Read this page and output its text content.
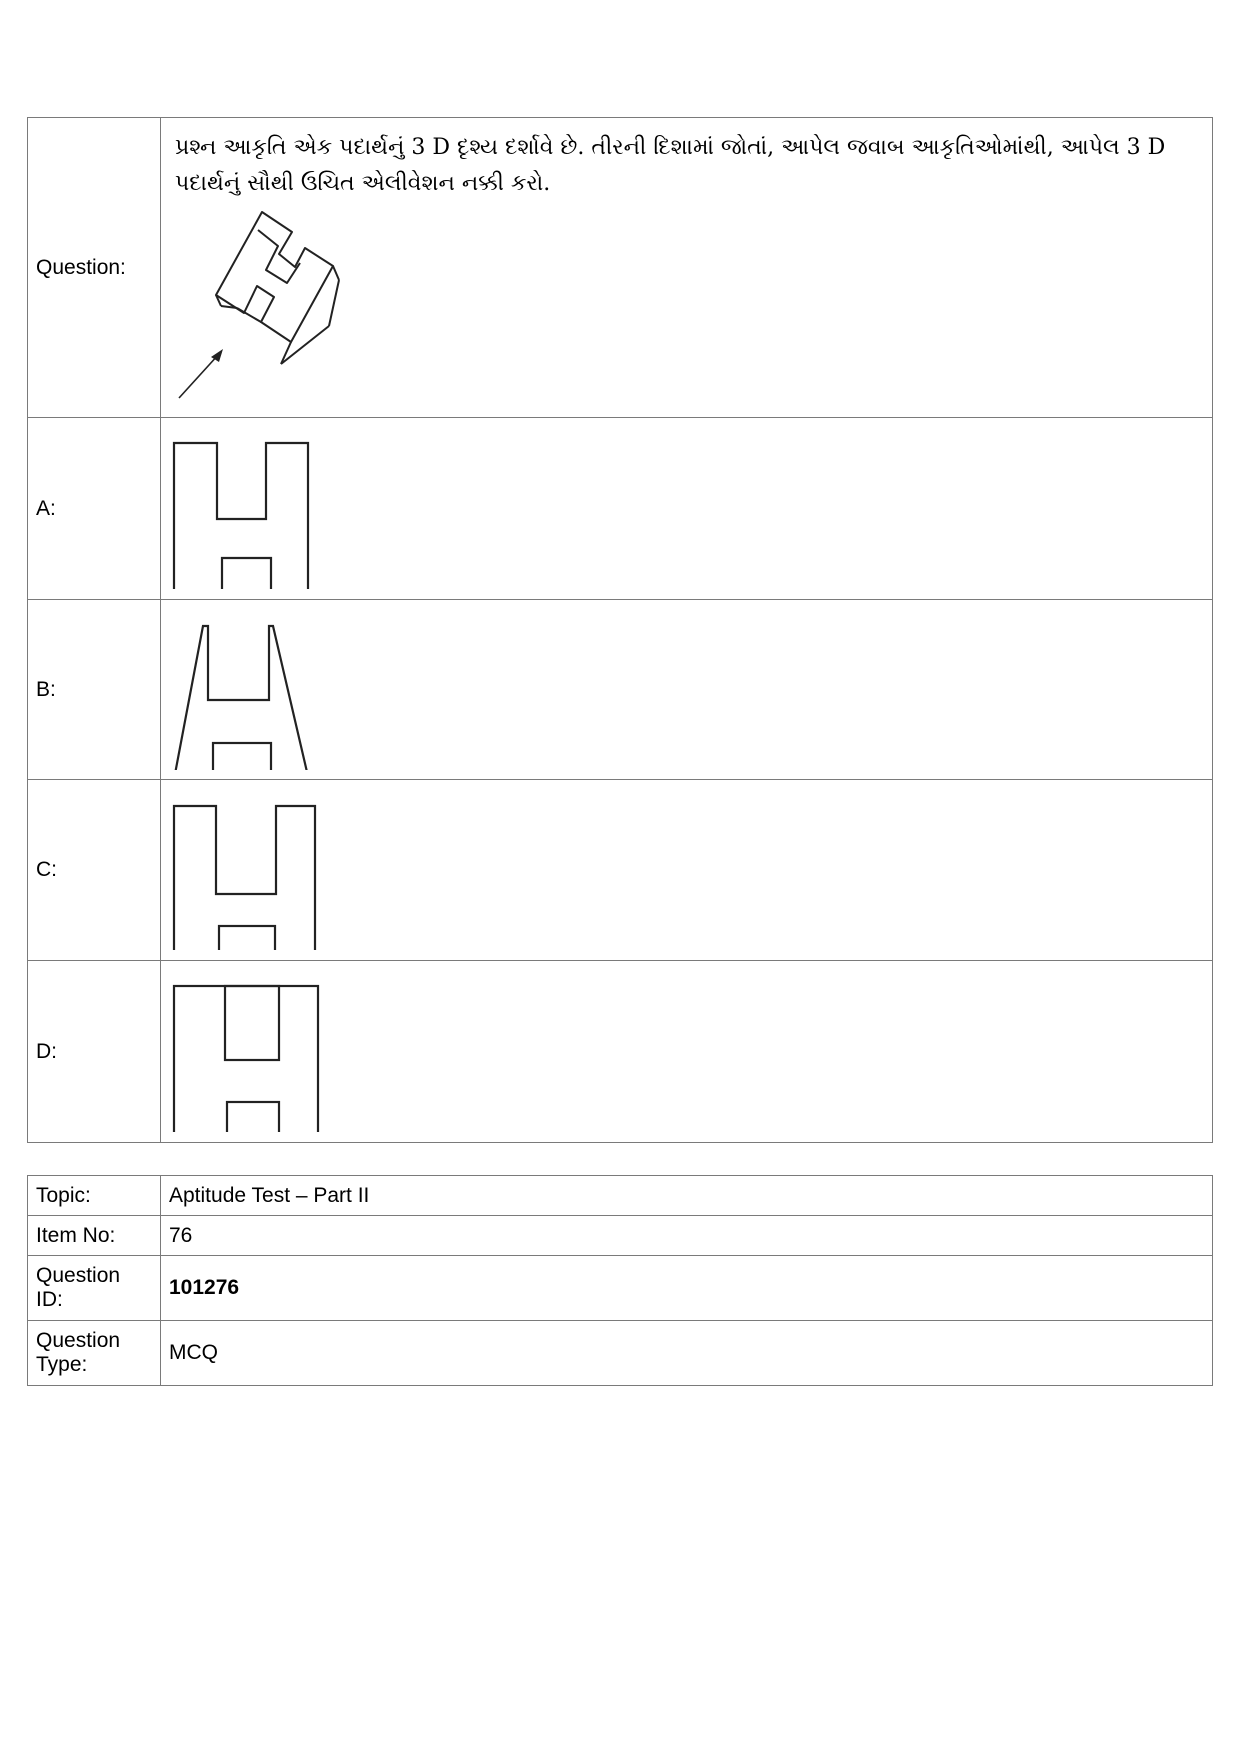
Question:	પ્રશ્ન આકૃતિ એક પદાર્થનું 3 D દૃશ્ય દર્શાવે છે. તીરની દિશામાં જોતાં, આપેલ જવાબ આકૃતિઓમાંથી, આપેલ 3 D પદાર્થનું સૌથી ઉચિત એલીવેશન નક્કી કરો.

A:	

B:	

C:	

D:	
Topic:	Aptitude Test – Part II
Item No:	76
Question ID:	101276
Question Type:	MCQ
